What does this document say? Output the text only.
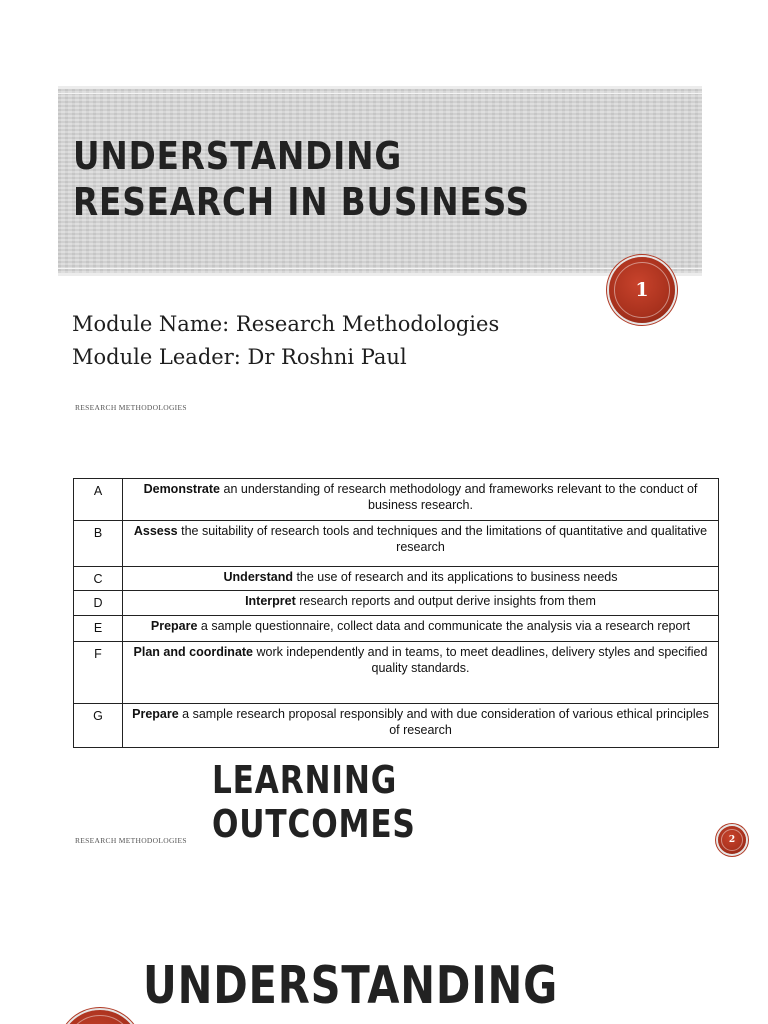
UNDERSTANDING RESEARCH IN BUSINESS
1
Module Name: Research Methodologies
Module Leader: Dr Roshni Paul
RESEARCH METHODOLOGIES
A	Demonstrate an understanding of research methodology and frameworks relevant to the conduct of business research.
B	Assess the suitability of research tools and techniques and the limitations of quantitative and qualitative research
C	Understand the use of research and its applications to business needs
D	Interpret research reports and output derive insights from them
E	Prepare a sample questionnaire, collect data and communicate the analysis via a research report
F	Plan and coordinate work independently and in teams, to meet deadlines, delivery styles and specified quality standards.
G	Prepare a sample research proposal responsibly and with due consideration of various ethical principles of research
LEARNING OUTCOMES
RESEARCH METHODOLOGIES	2
UNDERSTANDING
